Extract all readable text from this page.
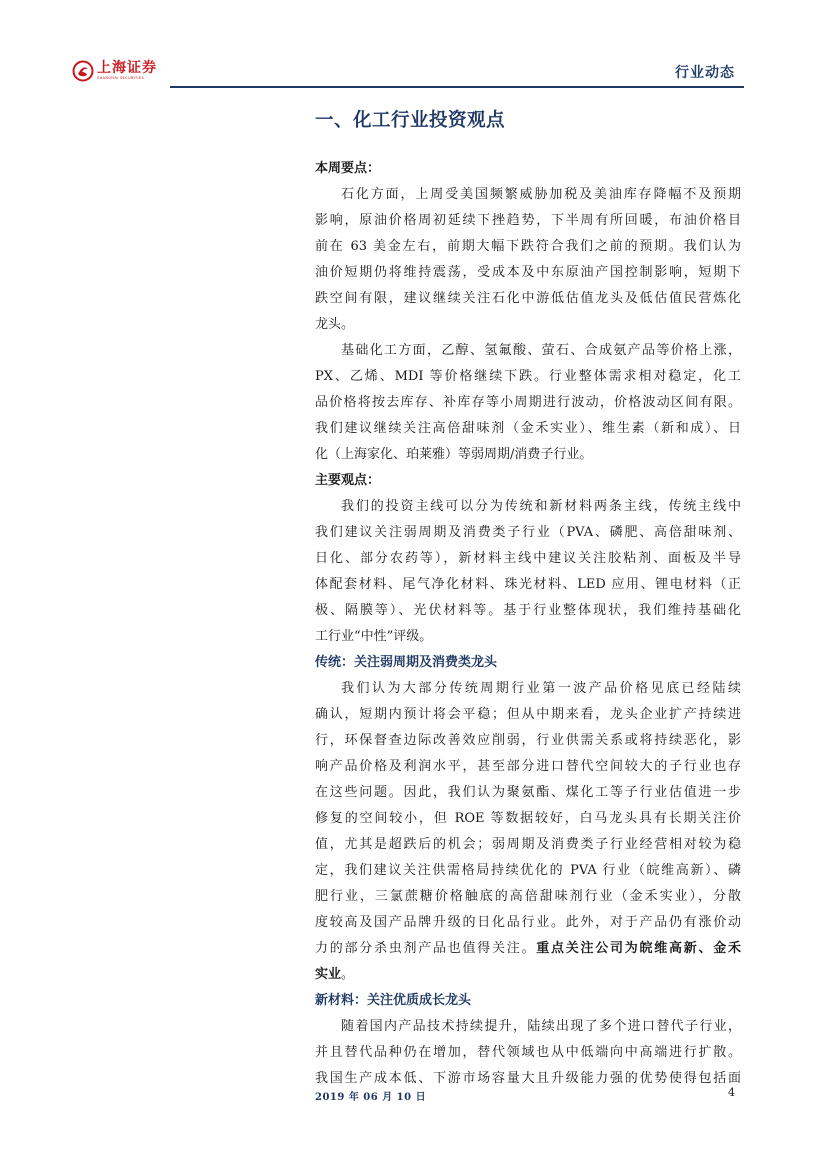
上海证券
SHANGHAI SECURITIES	行业动态
一、化工行业投资观点
本周要点：
石化方面，上周受美国频繁威胁加税及美油库存降幅不及预期
影响，原油价格周初延续下挫趋势，下半周有所回暖，布油价格目
前在 63 美金左右，前期大幅下跌符合我们之前的预期。我们认为
油价短期仍将维持震荡，受成本及中东原油产国控制影响，短期下
跌空间有限，建议继续关注石化中游低估值龙头及低估值民营炼化
龙头。
基础化工方面，乙醇、氢氟酸、萤石、合成氨产品等价格上涨，
PX、乙烯、MDI 等价格继续下跌。行业整体需求相对稳定，化工
品价格将按去库存、补库存等小周期进行波动，价格波动区间有限。
我们建议继续关注高倍甜味剂（金禾实业）、维生素（新和成）、日
化（上海家化、珀莱雅）等弱周期/消费子行业。
主要观点：
我们的投资主线可以分为传统和新材料两条主线，传统主线中
我们建议关注弱周期及消费类子行业（PVA、磷肥、高倍甜味剂、
日化、部分农药等），新材料主线中建议关注胶粘剂、面板及半导
体配套材料、尾气净化材料、珠光材料、LED 应用、锂电材料（正
极、隔膜等）、光伏材料等。基于行业整体现状，我们维持基础化
工行业“中性”评级。
传统：关注弱周期及消费类龙头
我们认为大部分传统周期行业第一波产品价格见底已经陆续
确认，短期内预计将会平稳；但从中期来看，龙头企业扩产持续进
行，环保督查边际改善效应削弱，行业供需关系或将持续恶化，影
响产品价格及利润水平，甚至部分进口替代空间较大的子行业也存
在这些问题。因此，我们认为聚氨酯、煤化工等子行业估值进一步
修复的空间较小，但 ROE 等数据较好，白马龙头具有长期关注价
值，尤其是超跌后的机会；弱周期及消费类子行业经营相对较为稳
定，我们建议关注供需格局持续优化的 PVA 行业（皖维高新）、磷
肥行业，三氯蔗糖价格触底的高倍甜味剂行业（金禾实业），分散
度较高及国产品牌升级的日化品行业。此外，对于产品仍有涨价动
力的部分杀虫剂产品也值得关注。重点关注公司为皖维高新、金禾
实业。
新材料：关注优质成长龙头
随着国内产品技术持续提升，陆续出现了多个进口替代子行业，
并且替代品种仍在增加，替代领域也从中低端向中高端进行扩散。
我国生产成本低、下游市场容量大且升级能力强的优势使得包括面
2019 年 06 月 10 日	4
